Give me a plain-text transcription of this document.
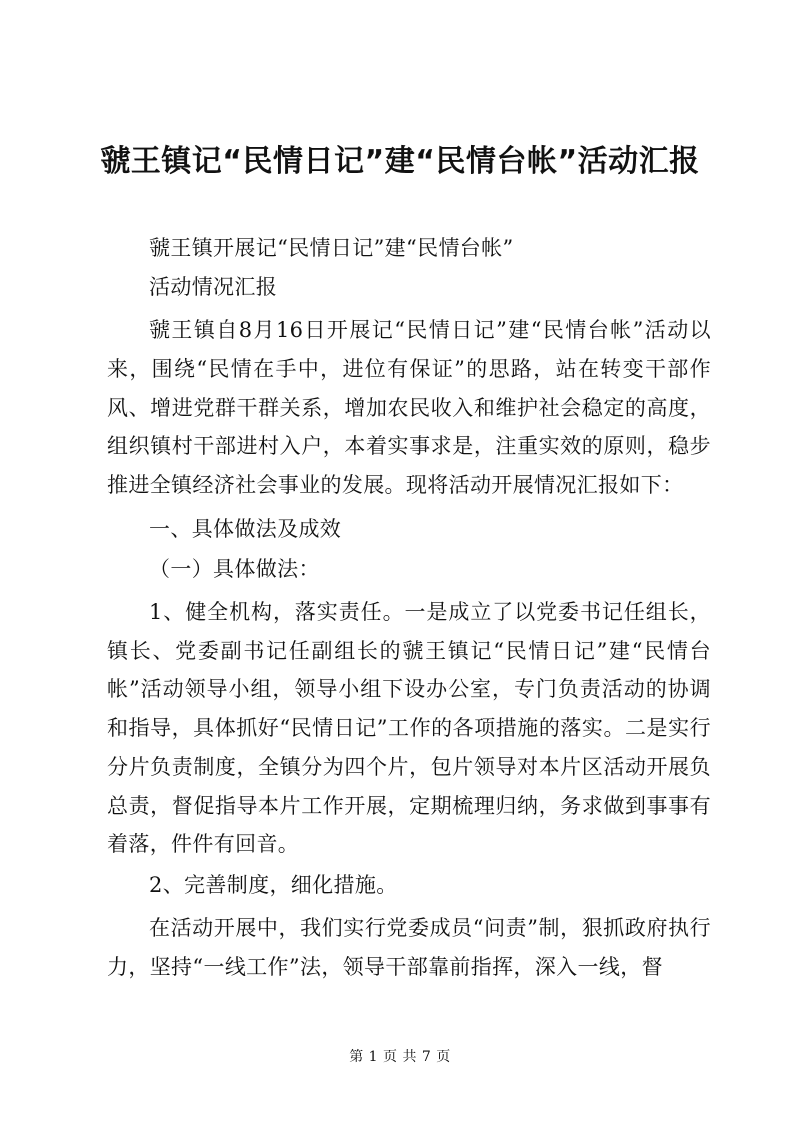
虢王镇记“民情日记”建“民情台帐”活动汇报
虢王镇开展记“民情日记”建“民情台帐”
活动情况汇报
虢王镇自8月16日开展记“民情日记”建“民情台帐”活动以来，围绕“民情在手中，进位有保证”的思路，站在转变干部作风、增进党群干群关系，增加农民收入和维护社会稳定的高度，组织镇村干部进村入户，本着实事求是，注重实效的原则，稳步推进全镇经济社会事业的发展。现将活动开展情况汇报如下：
一、具体做法及成效
（一）具体做法：
1、健全机构，落实责任。一是成立了以党委书记任组长，镇长、党委副书记任副组长的虢王镇记“民情日记”建“民情台帐”活动领导小组，领导小组下设办公室，专门负责活动的协调和指导，具体抓好“民情日记”工作的各项措施的落实。二是实行分片负责制度，全镇分为四个片，包片领导对本片区活动开展负总责，督促指导本片工作开展，定期梳理归纳，务求做到事事有着落，件件有回音。
2、完善制度，细化措施。
在活动开展中，我们实行党委成员“问责”制，狠抓政府执行力，坚持“一线工作”法，领导干部靠前指挥，深入一线，督
第 1 页 共 7 页
